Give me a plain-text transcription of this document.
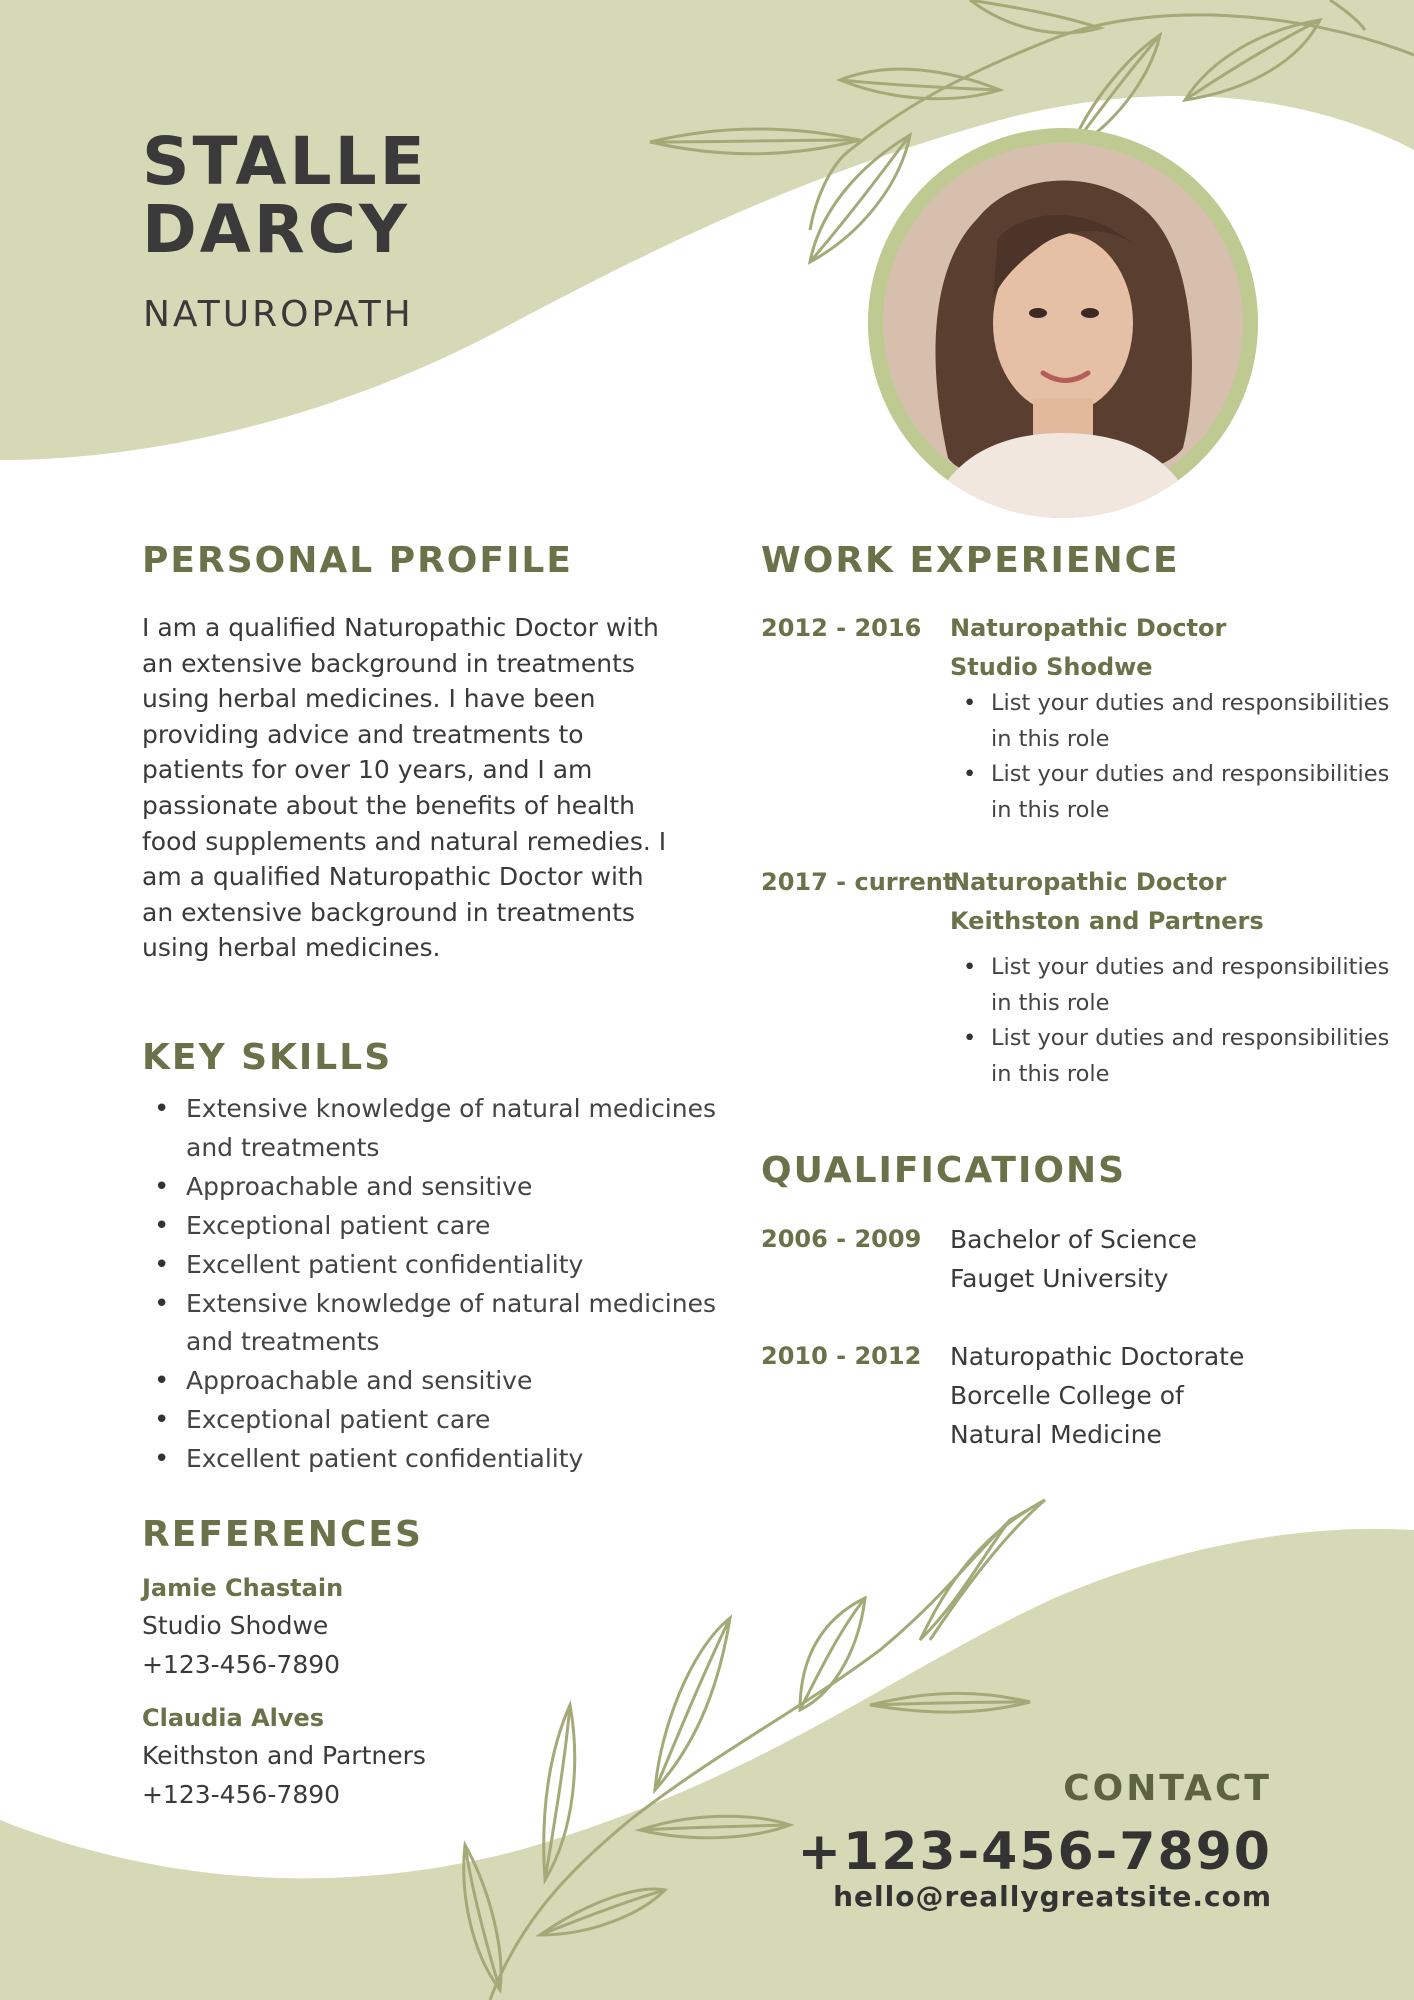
STALLE
DARCY
NATUROPATH
PERSONAL PROFILE

I am a qualified Naturopathic Doctor with an extensive background in treatments using herbal medicines. I have been providing advice and treatments to patients for over 10 years, and I am passionate about the benefits of health food supplements and natural remedies. I am a qualified Naturopathic Doctor with an extensive background in treatments using herbal medicines.

KEY SKILLS
• Extensive knowledge of natural medicines and treatments
• Approachable and sensitive
• Exceptional patient care
• Excellent patient confidentiality
• Extensive knowledge of natural medicines and treatments
• Approachable and sensitive
• Exceptional patient care
• Excellent patient confidentiality
REFERENCES
Jamie Chastain
Studio Shodwe
+123-456-7890
Claudia Alves
Keithston and Partners
+123-456-7890
WORK EXPERIENCE
2012 - 2016 Naturopathic Doctor
Studio Shodwe
• List your duties and responsibilities in this role
• List your duties and responsibilities in this role
2017 - current
Naturopathic Doctor
Keithston and Partners
• List your duties and responsibilities in this role
• List your duties and responsibilities in this role
QUALIFICATIONS
2006 - 2009 Bachelor of Science
Fauget University
2010 - 2012 Naturopathic Doctorate
Borcelle College of
Natural Medicine
CONTACT
+123-456-7890
hello@reallygreatsite.com
